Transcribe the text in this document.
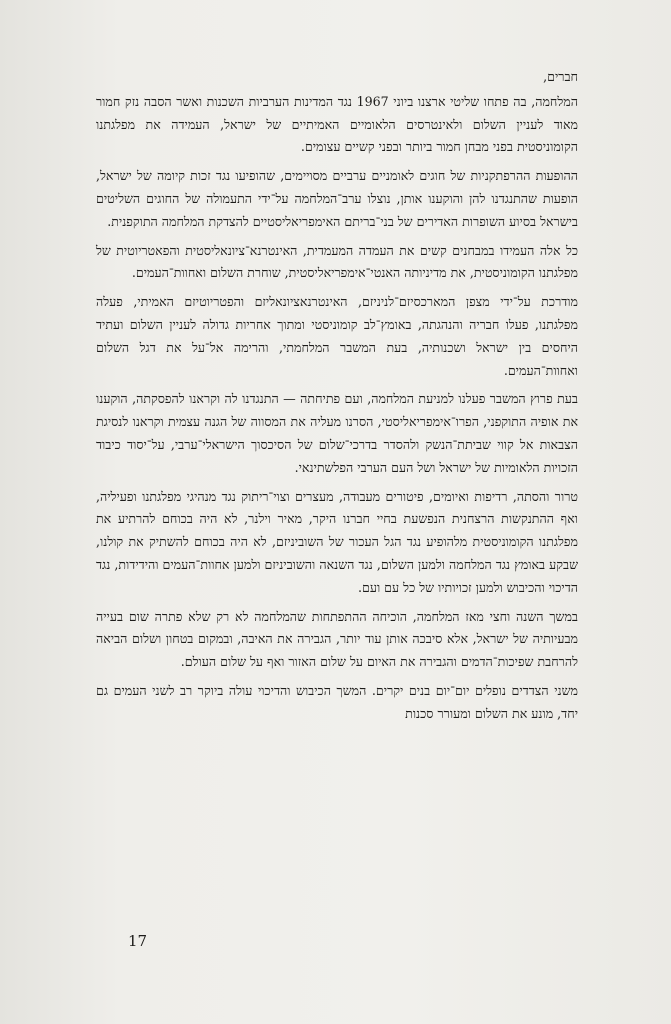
חברים,

המלחמה, בה פתחו שליטי ארצנו ביוני 1967 נגד המדינות הערביות השכנות ואשר הסבה נזק חמור מאוד לעניין השלום ולאינטרסים הלאומיים האמיתיים של ישראל, העמידה את מפלגתנו הקומוניסטית בפני מבחן חמור ביותר ובפני קשיים עצומים.

ההופעות ההרפתקניות של חוגים לאומניים ערביים מסויימים, שהופיעו נגד זכות קיומה של ישראל, הופעות שהתנגדנו להן והוקענו אותן, נוצלו ערב־המלחמה על־ידי התעמולה של החוגים השליטים בישראל בסיוע השופרות האדירים של בני־בריתם האימפריאליסטיים להצדקת המלחמה התוקפנית.

כל אלה העמידו במבחנים קשים את העמדה המעמדית, האינטרנא־ציונאליסטית והפאטריוטית של מפלגתנו הקומוניסטית, את מדיניותה האנטי־אימפריאליסטית, שוחרת השלום ואחוות־העמים.

מודרכת על־ידי מצפן המארכסיזם־לניניזם, האינטרנאציונאליזם והפטריוטיזם האמיתי, פעלה מפלגתנו, פעלו חבריה והנהגתה, באומץ־לב קומוניסטי ומתוך אחריות גדולה לעניין השלום ועתיד היחסים בין ישראל ושכנותיה, בעת המשבר המלחמתי, והרימה אל־על את דגל השלום ואחוות־העמים.

בעת פרוץ המשבר פעלנו למניעת המלחמה, ועם פתיחתה — התנגדנו לה וקראנו להפסקתה, הוקענו את אופיה התוקפני, הפרו־אימפריאליסטי, הסרנו מעליה את המסווה של הגנה עצמית וקראנו לנסיגת הצבאות אל קווי שביתת־הנשק ולהסדר בדרכי־שלום של הסיכסוך הישראלי־ערבי, על־יסוד כיבוד הזכויות הלאומיות של ישראל ושל העם הערבי הפלשתינאי.

טרור והסתה, רדיפות ואיומים, פיטורים מעבודה, מעצרים וצוי־ריתוק נגד מנהיגי מפלגתנו ופעיליה, ואף ההתנקשות הרצחנית הנפשעת בחיי חברנו היקר, מאיר וילנר, לא היה בכוחם להרתיע את מפלגתנו הקומוניסטית מלהופיע נגד הגל העכור של השוביניזם, לא היה בכוחם להשתיק את קולנו, שבקע באומץ נגד המלחמה ולמען השלום, נגד השנאה והשוביניזם ולמען אחוות־העמים והידידות, נגד הדיכוי והכיבוש ולמען זכויותיו של כל עם ועם.

במשך השנה וחצי מאז המלחמה, הוכיחה ההתפתחות שהמלחמה לא רק שלא פתרה שום בעייה מבעיותיה של ישראל, אלא סיבכה אותן עוד יותר, הגבירה את האיבה, ובמקום בטחון ושלום הביאה להרחבת שפיכות־הדמים והגבירה את האיום על שלום האזור ואף על שלום העולם.

משני הצדדים נופלים יום־יום בנים יקרים. המשך הכיבוש והדיכוי עולה ביוקר רב לשני העמים גם יחד, מונע את השלום ומעורר סכנות

17
